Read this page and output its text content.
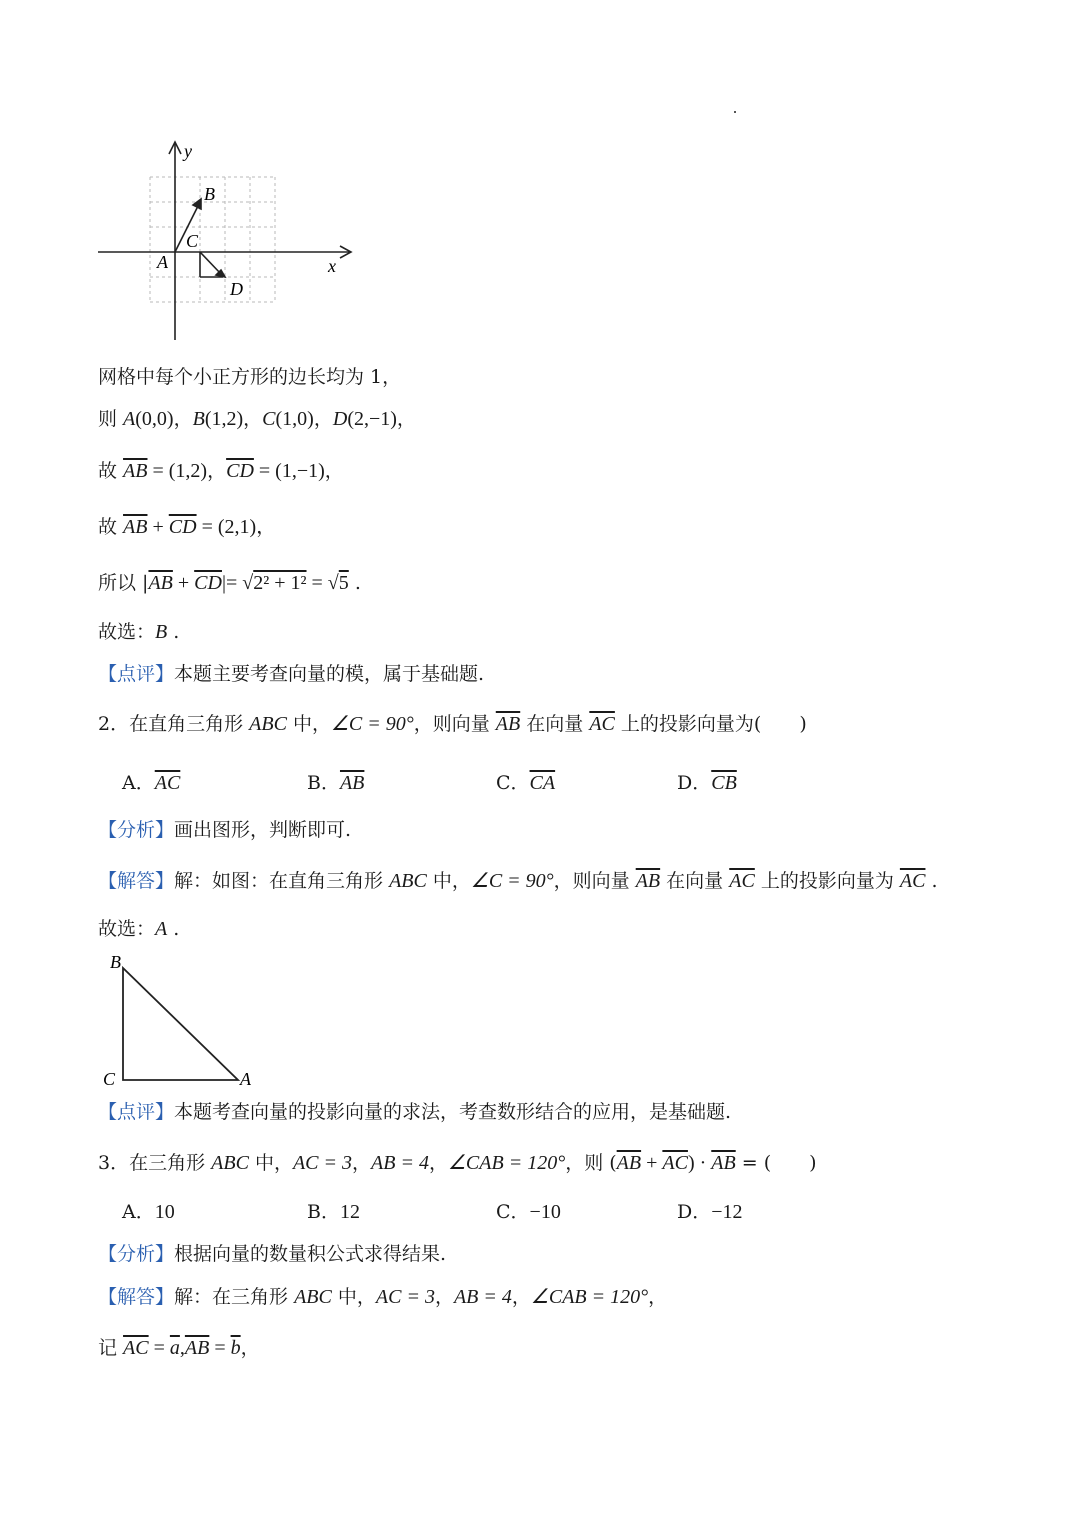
y
x
A
B
C
D
网格中每个小正方形的边长均为 1，
则 A(0,0)，B(1,2)，C(1,0)，D(2,−1)，
故 $\overline{AB} = (1,2)$，$\overline{CD} = (1,-1)$，
故 $\overline{AB} + \overline{CD} = (2,1)$，
所以 $|\overline{AB} + \overline{CD}|= √2^2 + 1^2 = √5$ .
故选：B .
【点评】本题主要考查向量的模，属于基础题.
2．在直角三角形 ABC 中，∠C = 90°，则向量 $\overline{AB}$ 在向量 $\overline{AC}$ 上的投影向量为(　　)
A．$\overline{AC}$	B．$\overline{AB}$	C．$\overline{CA}$	D．$\overline{CB}$
【分析】画出图形，判断即可.
【解答】解：如图：在直角三角形 ABC 中，∠C = 90°，则向量 $\overline{AB}$ 在向量 $\overline{AC}$ 上的投影向量为 $\overline{AC}$ .
故选：A .
B
C	A
【点评】本题考查向量的投影向量的求法，考查数形结合的应用，是基础题.
3．在三角形 ABC 中，AC = 3，AB = 4，∠CAB = 120°，则 $(\overline{AB} + \overline{AC}) \cdot \overline{AB}$ = (　　)
A．10	B．12	C．−10	D．−12
【分析】根据向量的数量积公式求得结果.
【解答】解：在三角形 ABC 中，AC = 3，AB = 4，∠CAB = 120°，
记 $\overline{AC} = \overline{a},\overline{AB} = \overline{b}$，
